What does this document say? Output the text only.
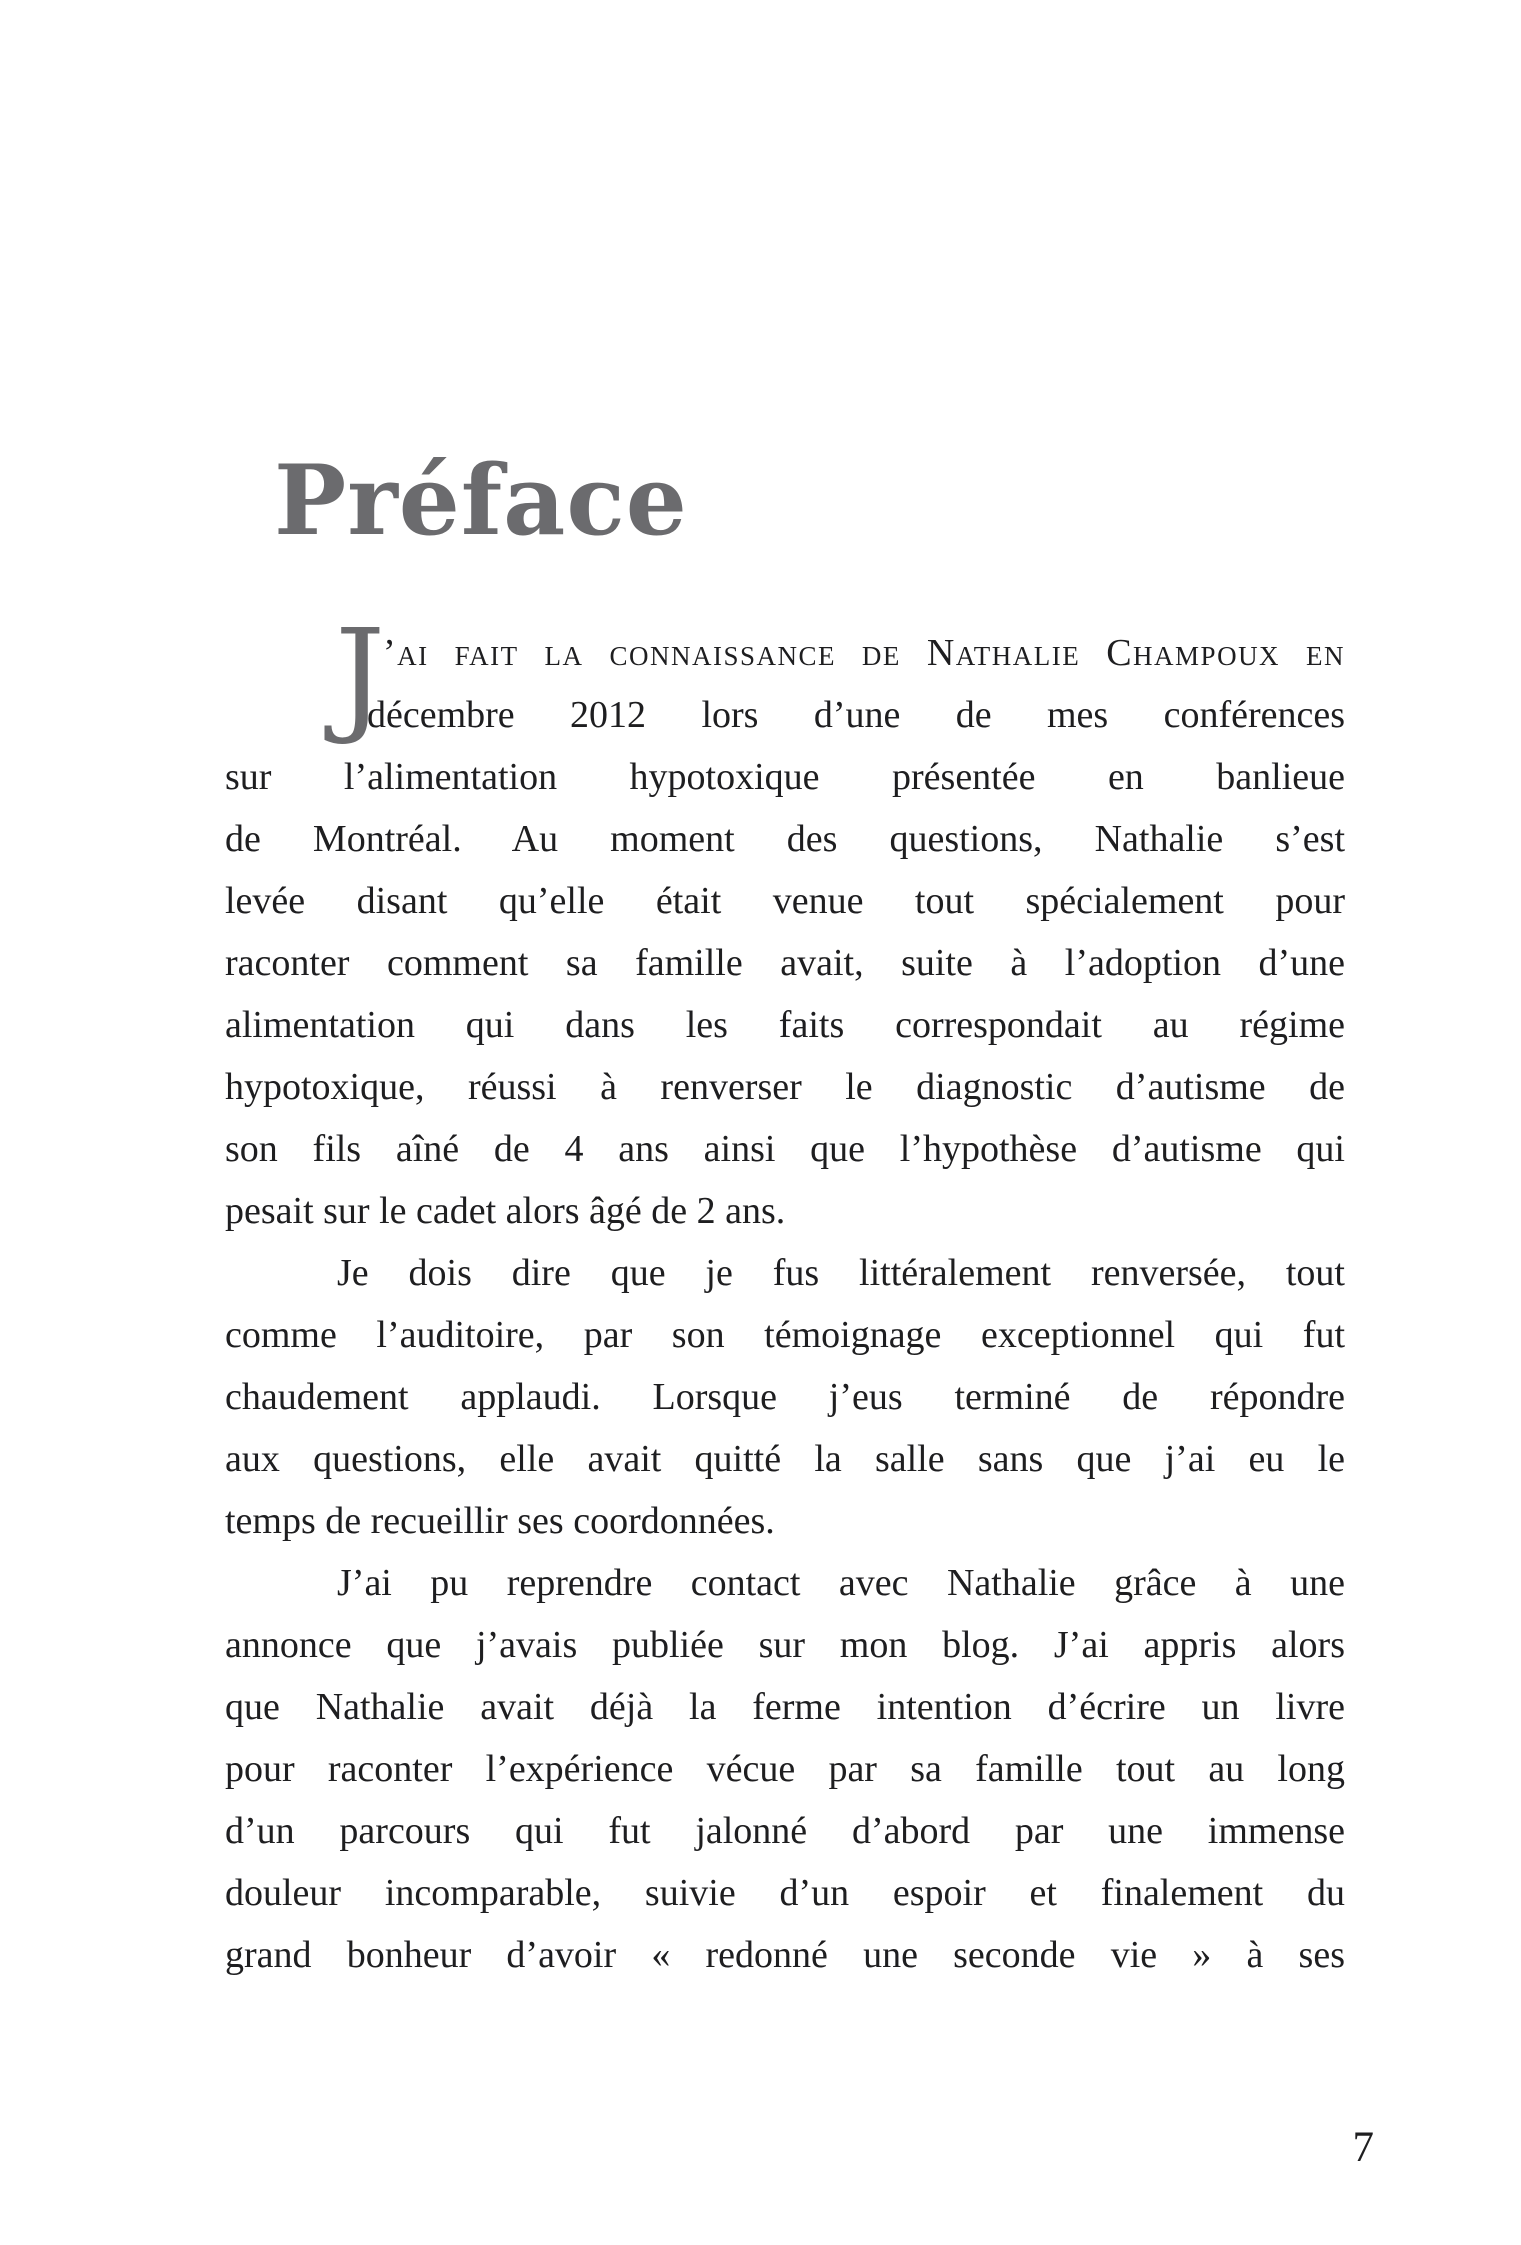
Préface
J
’ai fait la connaissance de Nathalie Champoux en
décembre 2012 lors d’une de mes conférences
sur l’alimentation hypotoxique présentée en banlieue
de Montréal. Au moment des questions, Nathalie s’est
levée disant qu’elle était venue tout spécialement pour
raconter comment sa famille avait, suite à l’adoption d’une
alimentation qui dans les faits correspondait au régime
hypotoxique, réussi à renverser le diagnostic d’autisme de
son fils aîné de 4 ans ainsi que l’hypothèse d’autisme qui
pesait sur le cadet alors âgé de 2 ans.
Je dois dire que je fus littéralement renversée, tout
comme l’auditoire, par son témoignage exceptionnel qui fut
chaudement applaudi. Lorsque j’eus terminé de répondre
aux questions, elle avait quitté la salle sans que j’ai eu le
temps de recueillir ses coordonnées.
J’ai pu reprendre contact avec Nathalie grâce à une
annonce que j’avais publiée sur mon blog. J’ai appris alors
que Nathalie avait déjà la ferme intention d’écrire un livre
pour raconter l’expérience vécue par sa famille tout au long
d’un parcours qui fut jalonné d’abord par une immense
douleur incomparable, suivie d’un espoir et finalement du
grand bonheur d’avoir « redonné une seconde vie » à ses
7
